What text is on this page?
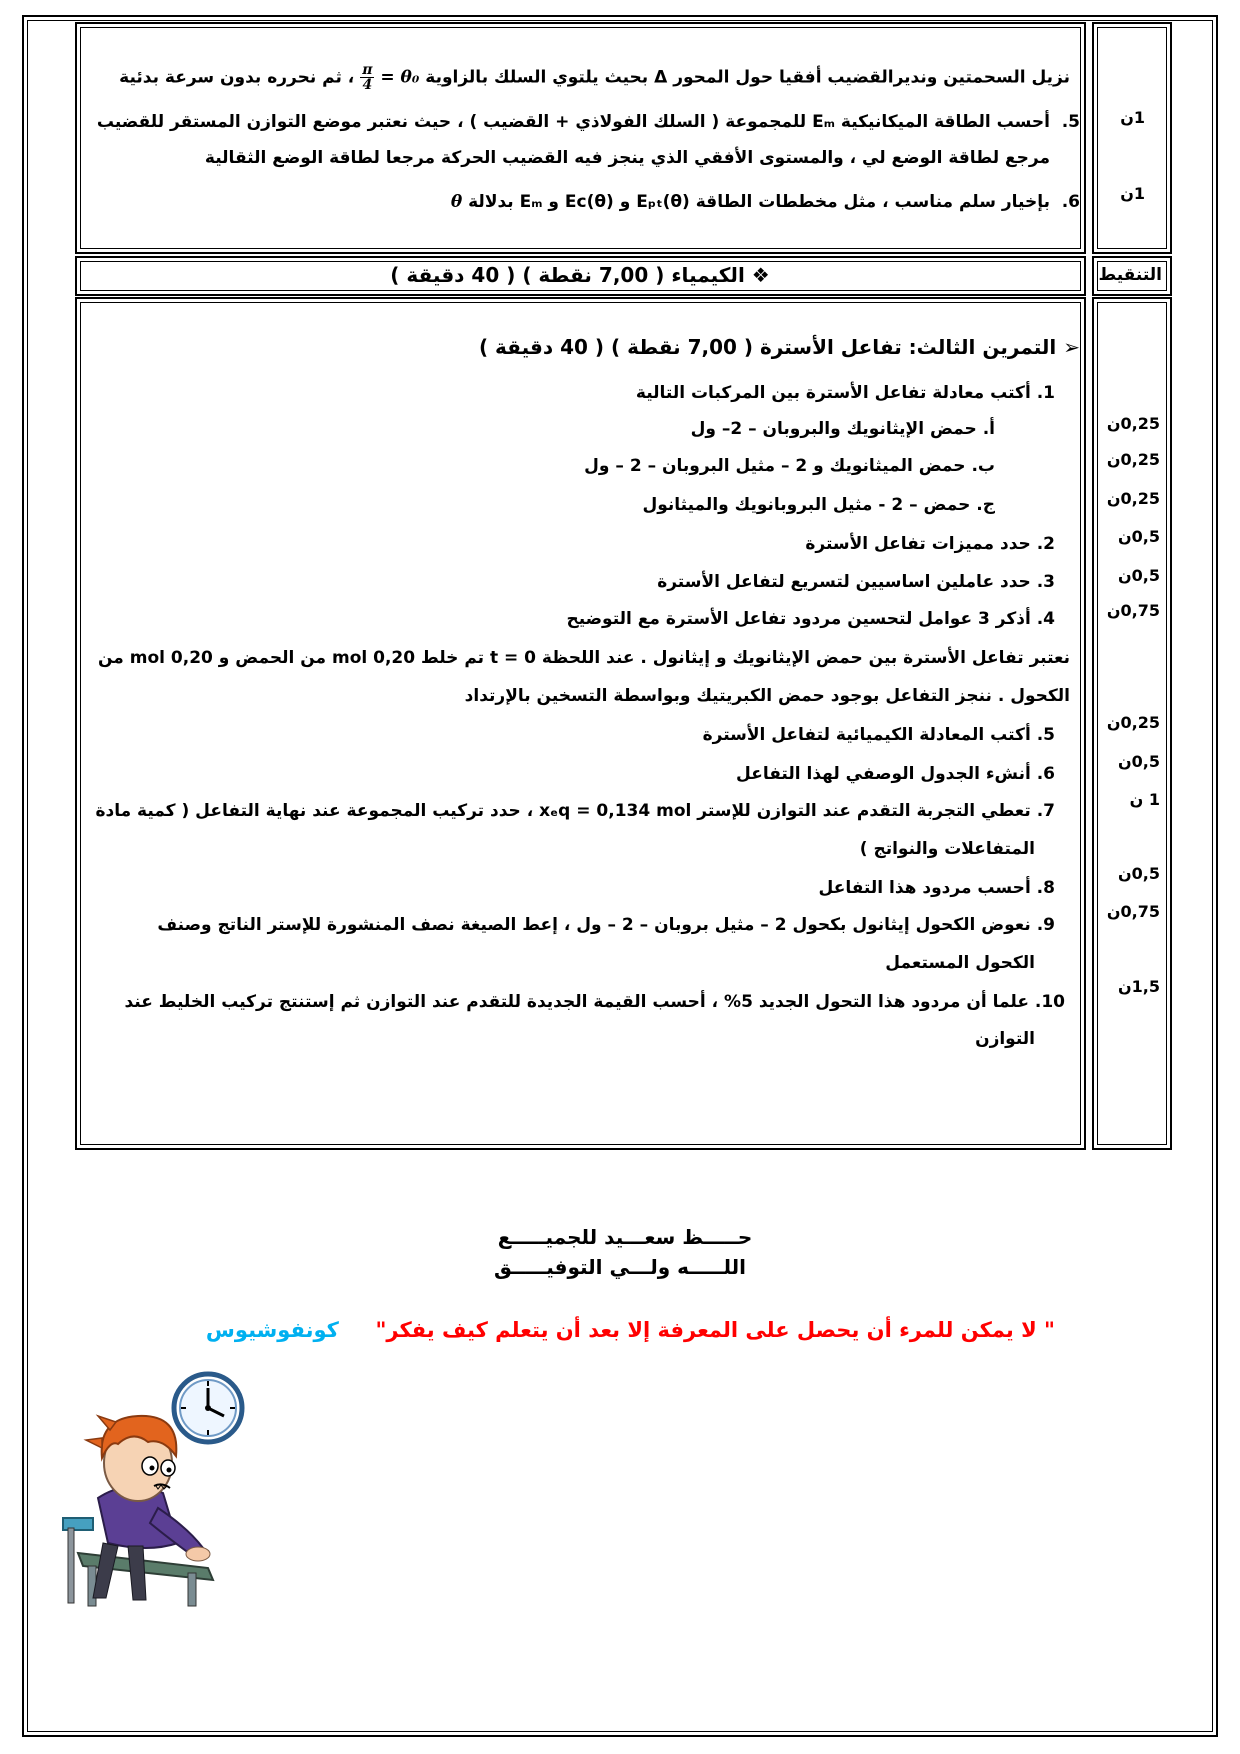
نزيل السحمتين ونديرالقضيب أفقيا حول المحور Δ بحيث يلتوي السلك بالزاوية θ₀ =
$\frac{\pi}{4}$
، ثم نحرره بدون سرعة بدئية
5.
أحسب الطاقة الميكانيكية Eₘ للمجموعة ( السلك الفولاذي + القضيب ) ، حيث نعتبر موضع التوازن المستقر للقضيب
مرجع لطاقة الوضع لي ، والمستوى الأفقي الذي ينجز فيه القضيب الحركة مرجعا لطاقة الوضع الثقالية
6.
بإخيار سلم مناسب ، مثل مخططات الطاقة Eₚₜ(θ) و Eᴄ(θ) و Eₘ بدلالة θ
1ن
1ن
❖ الكيمياء ( 7,00 نقطة ) ( 40 دقيقة )	التنقيط
➢ التمرين الثالث: تفاعل الأسترة ( 7,00 نقطة ) ( 40 دقيقة )
1. أكتب معادلة تفاعل الأسترة بين المركبات التالية
أ. حمض الإيثانويك والبروبان – 2– ول
ب. حمض الميثانويك و 2 – مثيل البروبان – 2 – ول
ج. حمض – 2 - مثيل البروبانويك والميثانول
2. حدد مميزات تفاعل الأسترة
3. حدد عاملين اساسيين لتسريع لتفاعل الأسترة
4. أذكر 3 عوامل لتحسين مردود تفاعل الأسترة مع التوضيح
نعتبر تفاعل الأسترة بين حمض الإيثانويك و إيثانول . عند اللحظة t = 0 تم خلط 0,20 mol من الحمض و 0,20 mol من
الكحول . ننجز التفاعل بوجود حمض الكبريتيك وبواسطة التسخين بالإرتداد
5. أكتب المعادلة الكيميائية لتفاعل الأسترة
6. أنشء الجدول الوصفي لهذا التفاعل
7. تعطي التجربة التقدم عند التوازن للإستر xₑq = 0,134 mol ، حدد تركيب المجموعة عند نهاية التفاعل ( كمية مادة
المتفاعلات والنواتج )
8. أحسب مردود هذا التفاعل
9. نعوض الكحول إيثانول بكحول 2 – مثيل بروبان – 2 – ول ، إعط الصيغة نصف المنشورة للإستر الناتج وصنف
الكحول المستعمل
10. علما أن مردود هذا التحول الجديد 5% ، أحسب القيمة الجديدة للتقدم عند التوازن ثم إستنتج تركيب الخليط عند
التوازن
0,25ن
0,25ن
0,25ن
0,5ن
0,5ن
0,75ن
0,25ن
0,5ن
1 ن
0,5ن
0,75ن
1,5ن
حـــــظ سعـــيد للجميـــــع
اللـــــه ولـــي التوفيـــــق
" لا يمكن للمرء أن يحصل على المعرفة إلا بعد أن يتعلم كيف يفكر"  كونفوشيوس
